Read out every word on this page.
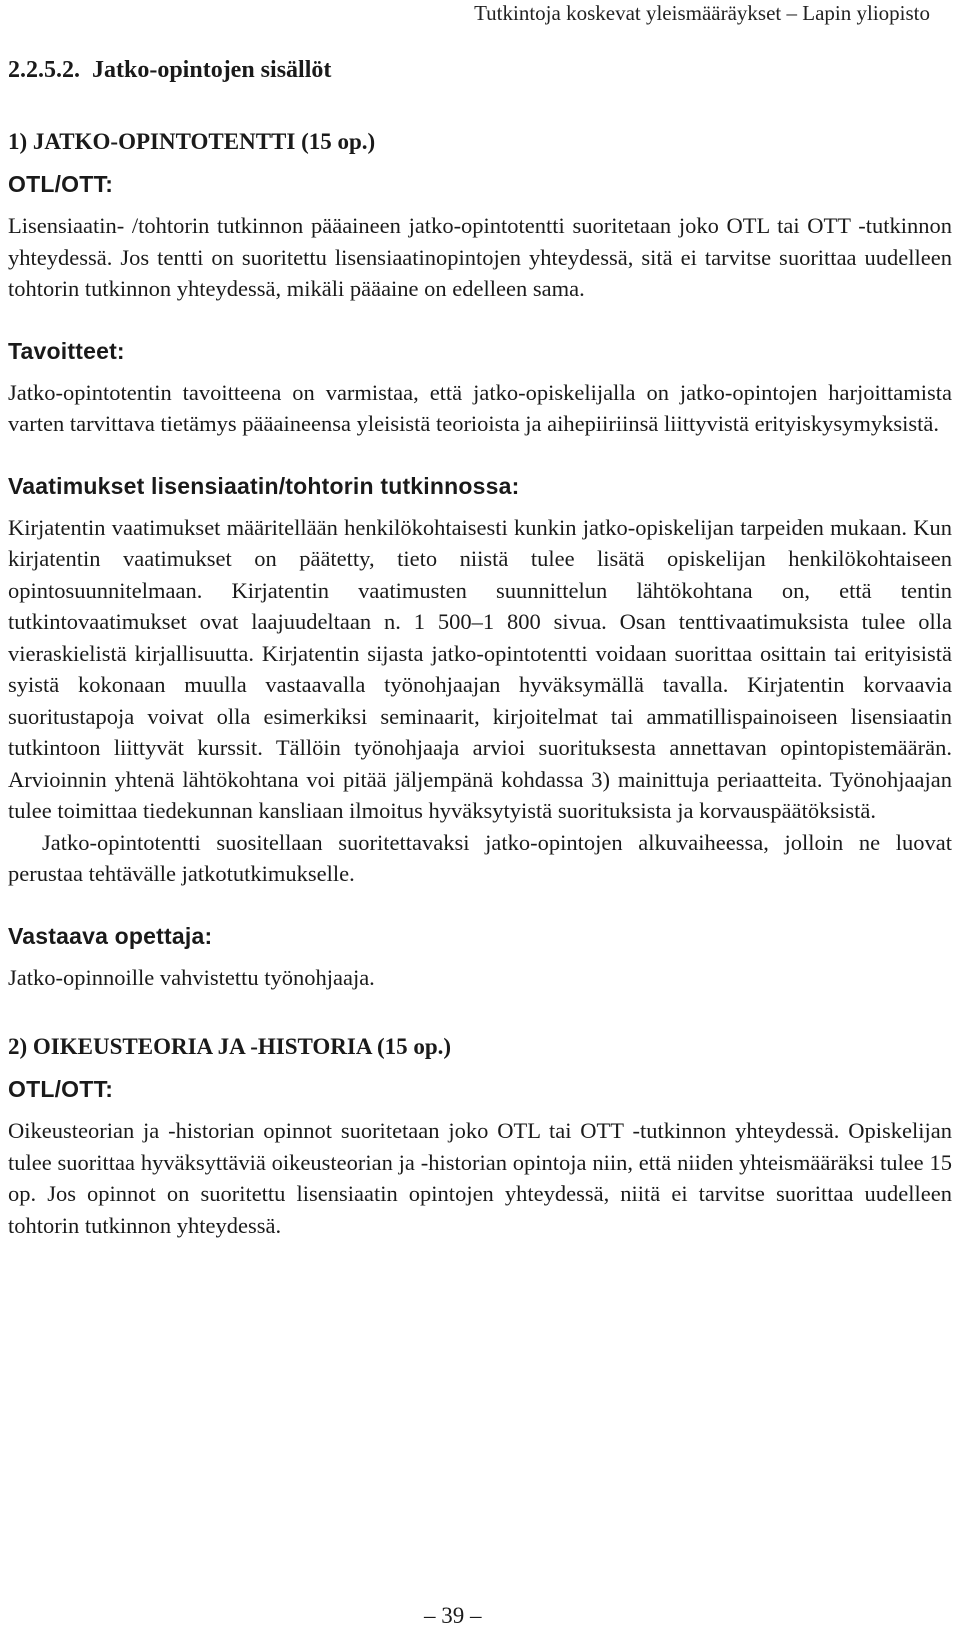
Tutkintoja koskevat yleismääräykset – Lapin yliopisto
2.2.5.2. Jatko-opintojen sisällöt
1) JATKO-OPINTOTENTTI (15 op.)
OTL/OTT:

Lisensiaatin- /tohtorin tutkinnon pääaineen jatko-opintotentti suoritetaan joko OTL tai OTT -tutkinnon yhteydessä. Jos tentti on suoritettu lisensiaatinopintojen yhteydessä, sitä ei tarvitse suorittaa uudelleen tohtorin tutkinnon yhteydessä, mikäli pääaine on edelleen sama.

Tavoitteet:

Jatko-opintotentin tavoitteena on varmistaa, että jatko-opiskelijalla on jatko-opintojen harjoittamista varten tarvittava tietämys pääaineensa yleisistä teorioista ja aihepiiriinsä liittyvistä erityiskysymyksistä.

Vaatimukset lisensiaatin/tohtorin tutkinnossa:

Kirjatentin vaatimukset määritellään henkilökohtaisesti kunkin jatko-opiskelijan tarpeiden mukaan. Kun kirjatentin vaatimukset on päätetty, tieto niistä tulee lisätä opiskelijan henkilökohtaiseen opintosuunnitelmaan. Kirjatentin vaatimusten suunnittelun lähtökohtana on, että tentin tutkintovaatimukset ovat laajuudeltaan n. 1 500–1 800 sivua. Osan tenttivaatimuksista tulee olla vieraskielistä kirjallisuutta. Kirjatentin sijasta jatko-opintotentti voidaan suorittaa osittain tai erityisistä syistä kokonaan muulla vastaavalla työnohjaajan hyväksymällä tavalla. Kirjatentin korvaavia suoritustapoja voivat olla esimerkiksi seminaarit, kirjoitelmat tai ammatillispainoiseen lisensiaatin tutkintoon liittyvät kurssit. Tällöin työnohjaaja arvioi suorituksesta annettavan opintopistemäärän. Arvioinnin yhtenä lähtökohtana voi pitää jäljempänä kohdassa 3) mainittuja periaatteita. Työnohjaajan tulee toimittaa tiedekunnan kansliaan ilmoitus hyväksytyistä suorituksista ja korvauspäätöksistä.

Jatko-opintotentti suositellaan suoritettavaksi jatko-opintojen alkuvaiheessa, jolloin ne luovat perustaa tehtävälle jatkotutkimukselle.

Vastaava opettaja:

Jatko-opinnoille vahvistettu työnohjaaja.

2) OIKEUSTEORIA JA -HISTORIA (15 op.)
OTL/OTT:

Oikeusteorian ja -historian opinnot suoritetaan joko OTL tai OTT -tutkinnon yhteydessä. Opiskelijan tulee suorittaa hyväksyttäviä oikeusteorian ja -historian opintoja niin, että niiden yhteismääräksi tulee 15 op. Jos opinnot on suoritettu lisensiaatin opintojen yhteydessä, niitä ei tarvitse suorittaa uudelleen tohtorin tutkinnon yhteydessä.

– 39 –
